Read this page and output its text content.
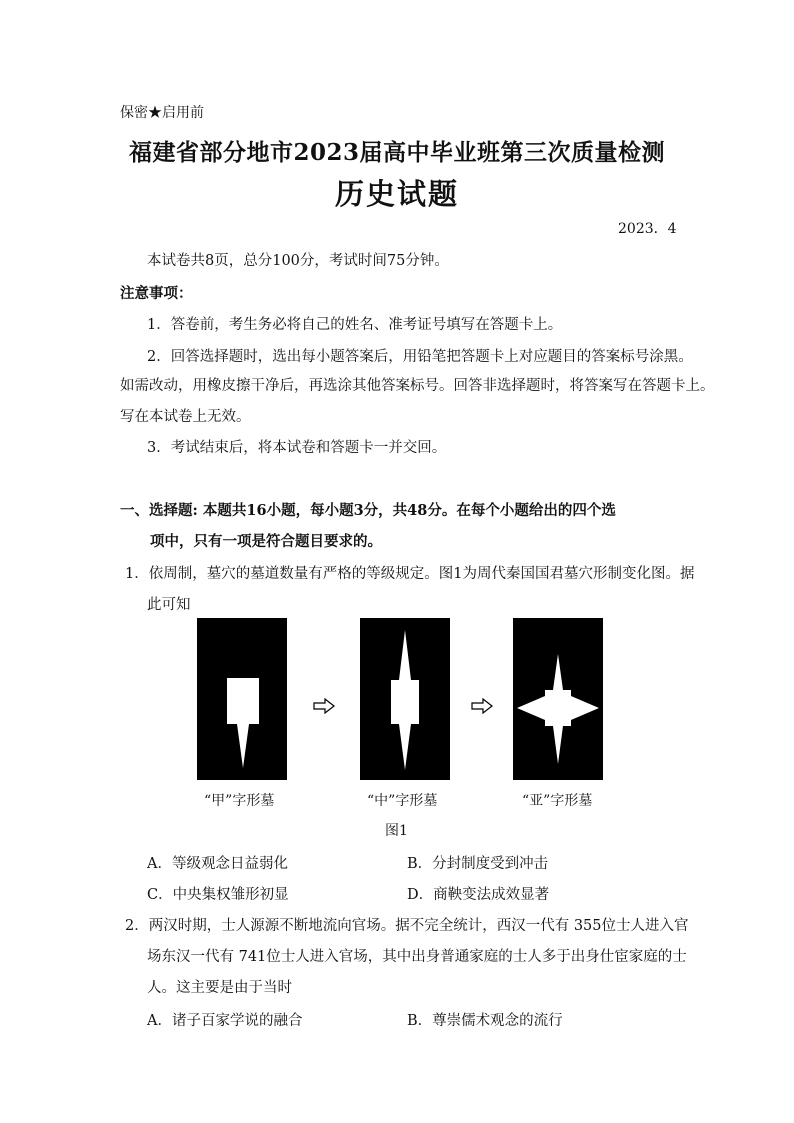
保密★启用前
福建省部分地市2023届高中毕业班第三次质量检测
历史试题
2023．4
本试卷共8页，总分100分，考试时间75分钟。
注意事项：
1．答卷前，考生务必将自己的姓名、准考证号填写在答题卡上。
2．回答选择题时，选出每小题答案后，用铅笔把答题卡上对应题目的答案标号涂黑。
如需改动，用橡皮擦干净后，再选涂其他答案标号。回答非选择题时，将答案写在答题卡上。
写在本试卷上无效。
3．考试结束后，将本试卷和答题卡一并交回。
一、选择题: 本题共16小题，每小题3分，共48分。在每个小题给出的四个选
项中，只有一项是符合题目要求的。
1．依周制，墓穴的墓道数量有严格的等级规定。图1为周代秦国国君墓穴形制变化图。据
此可知
“甲”字形墓	“中”字形墓	“亚”字形墓
图1
A．等级观念日益弱化	B．分封制度受到冲击
C．中央集权雏形初显	D．商鞅变法成效显著
2．两汉时期，士人源源不断地流向官场。据不完全统计，西汉一代有 355位士人进入官
场东汉一代有 741位士人进入官场，其中出身普通家庭的士人多于出身仕宦家庭的士
人。这主要是由于当时
A．诸子百家学说的融合	B．尊崇儒术观念的流行
